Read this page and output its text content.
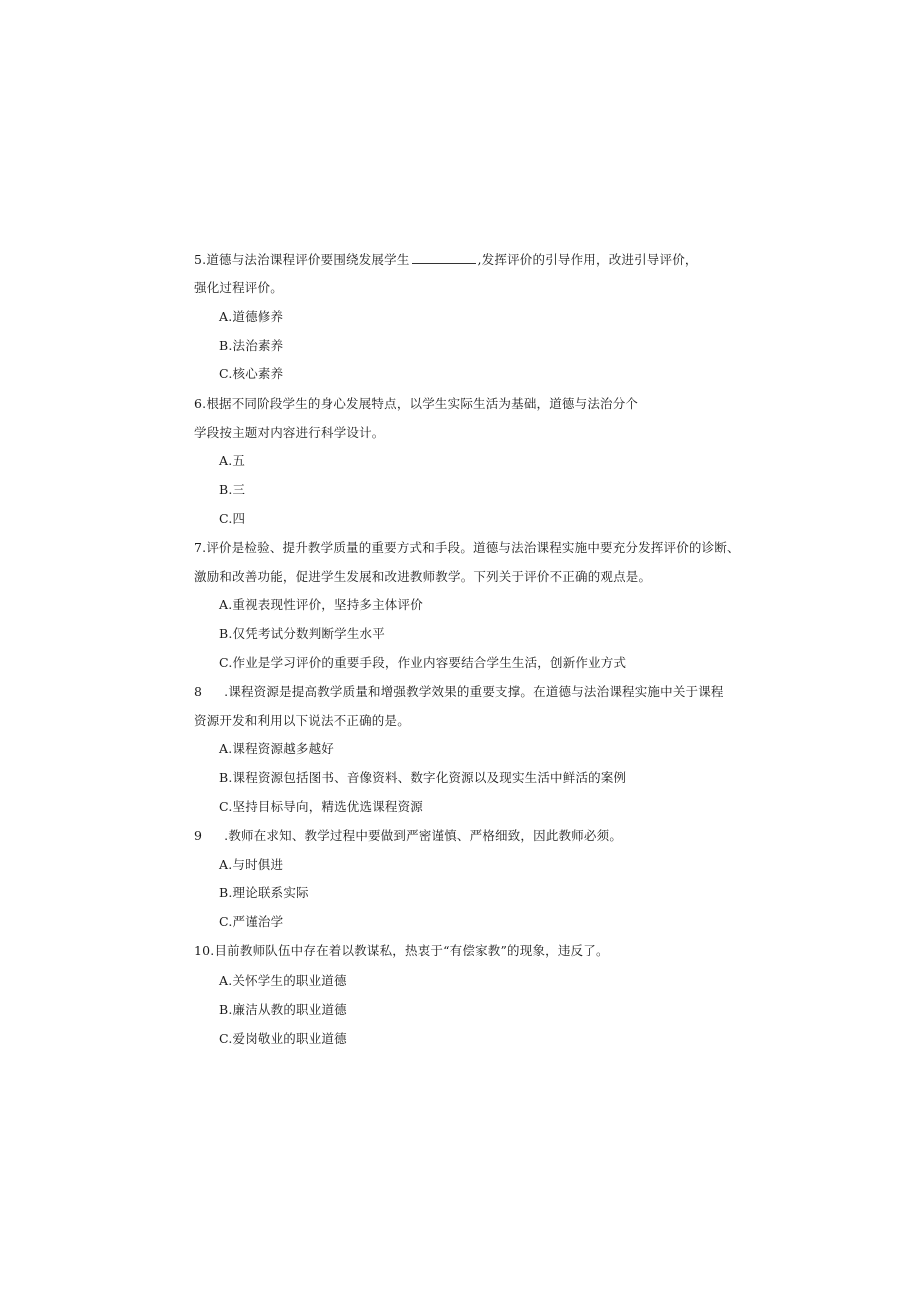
5.道德与法治课程评价要围绕发展学生	,发挥评价的引导作用，改进引导评价，
强化过程评价。
A.道德修养
B.法治素养
C.核心素养
6.根据不同阶段学生的身心发展特点，以学生实际生活为基础，道德与法治分个
学段按主题对内容进行科学设计。
A.五
B.三
C.四
7.评价是检验、提升教学质量的重要方式和手段。道德与法治课程实施中要充分发挥评价的诊断、
激励和改善功能，促进学生发展和改进教师教学。下列关于评价不正确的观点是。
A.重视表现性评价，坚持多主体评价
B.仅凭考试分数判断学生水平
C.作业是学习评价的重要手段，作业内容要结合学生生活，创新作业方式
8 .课程资源是提高教学质量和增强教学效果的重要支撑。在道德与法治课程实施中关于课程
资源开发和利用以下说法不正确的是。
A.课程资源越多越好
B.课程资源包括图书、音像资料、数字化资源以及现实生活中鲜活的案例
C.坚持目标导向，精选优选课程资源
9 .教师在求知、教学过程中要做到严密谨慎、严格细致，因此教师必须。
A.与时俱进
B.理论联系实际
C.严谨治学
10.目前教师队伍中存在着以教谋私，热衷于“有偿家教”的现象，违反了。
A.关怀学生的职业道德
B.廉洁从教的职业道德
C.爱岗敬业的职业道德
